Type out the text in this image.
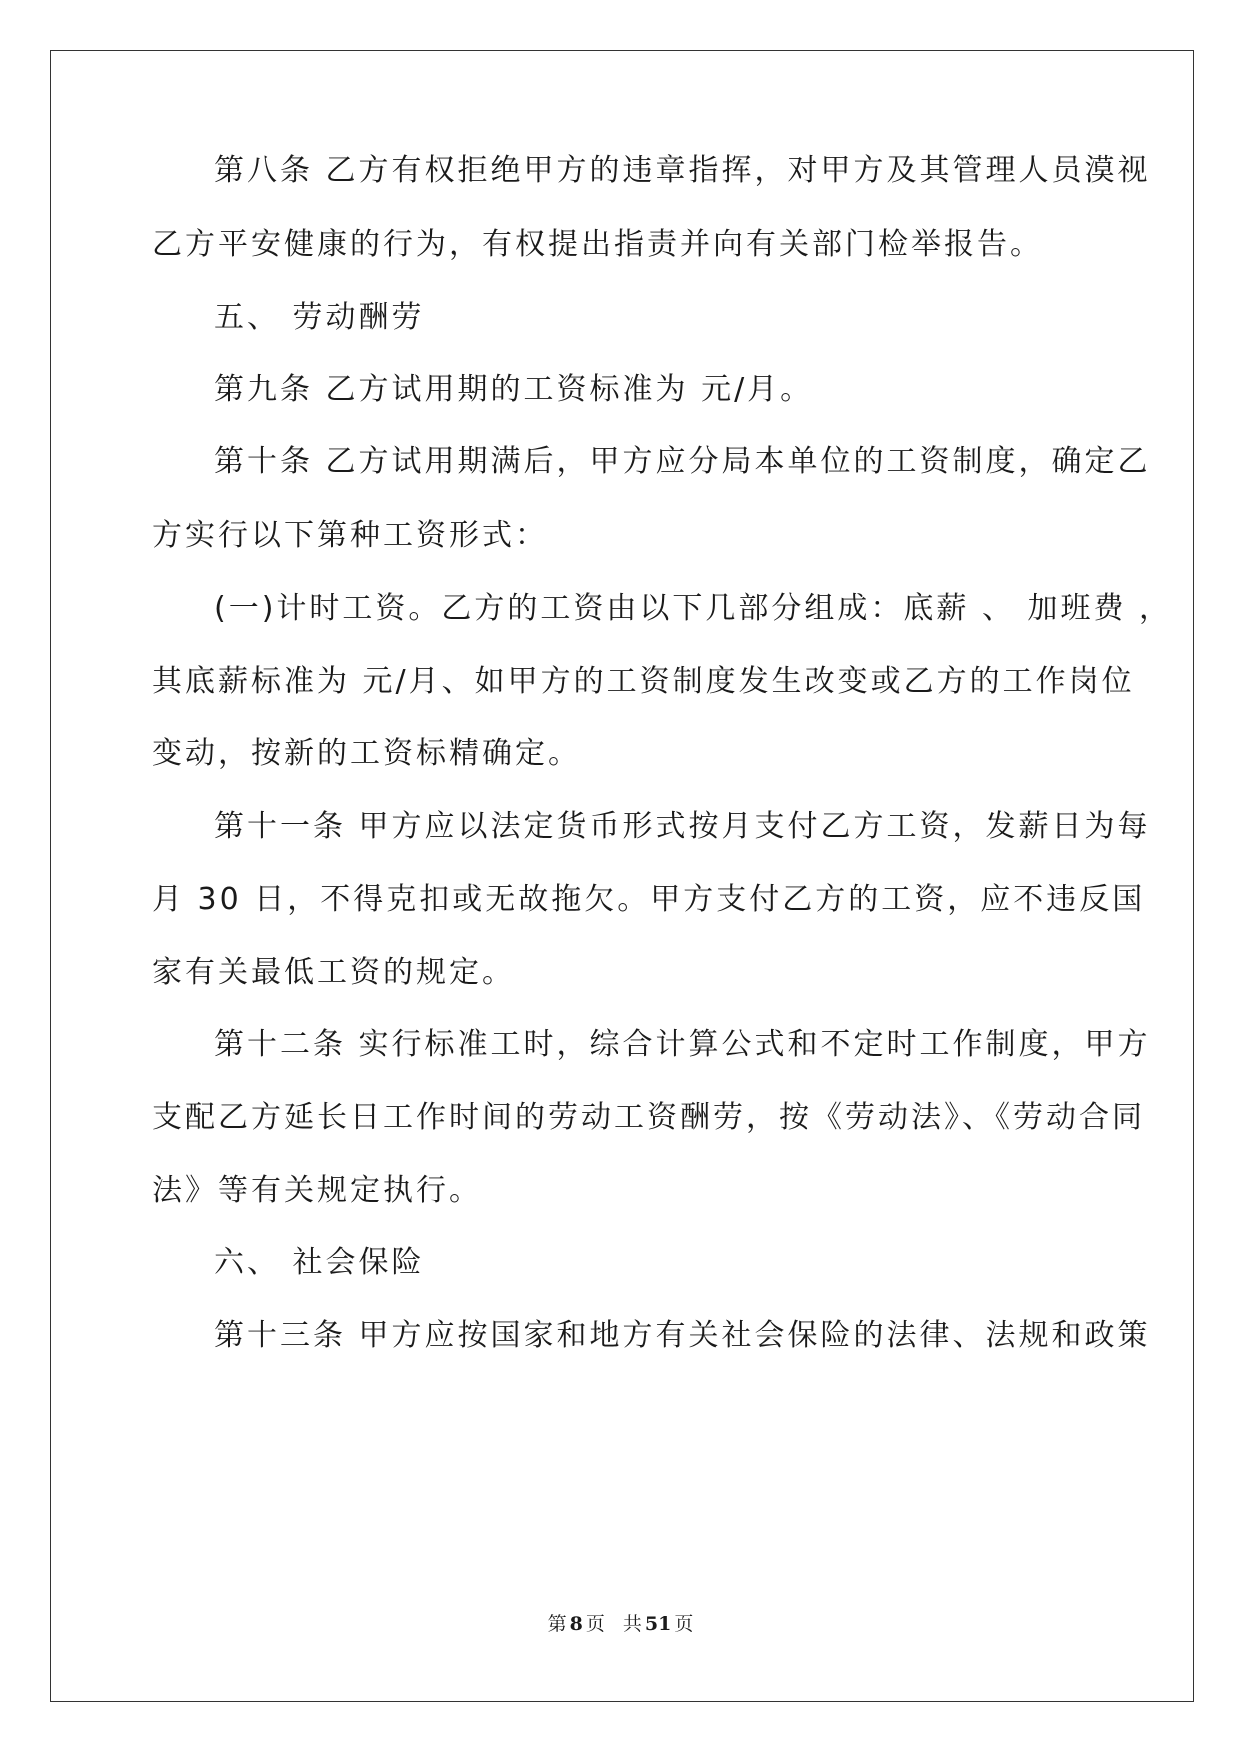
第八条 乙方有权拒绝甲方的违章指挥，对甲方及其管理人员漠视
乙方平安健康的行为，有权提出指责并向有关部门检举报告。
五、 劳动酬劳
第九条 乙方试用期的工资标准为 元/月。
第十条 乙方试用期满后，甲方应分局本单位的工资制度，确定乙
方实行以下第种工资形式：
(一)计时工资。乙方的工资由以下几部分组成：底薪 、 加班费 ，
其底薪标准为 元/月、如甲方的工资制度发生改变或乙方的工作岗位
变动，按新的工资标精确定。
第十一条 甲方应以法定货币形式按月支付乙方工资，发薪日为每
月 30 日，不得克扣或无故拖欠。甲方支付乙方的工资，应不违反国
家有关最低工资的规定。
第十二条 实行标准工时，综合计算公式和不定时工作制度，甲方
支配乙方延长日工作时间的劳动工资酬劳，按《劳动法》、《劳动合同
法》等有关规定执行。
六、 社会保险
第十三条 甲方应按国家和地方有关社会保险的法律、法规和政策
第 8 页 共 51 页
